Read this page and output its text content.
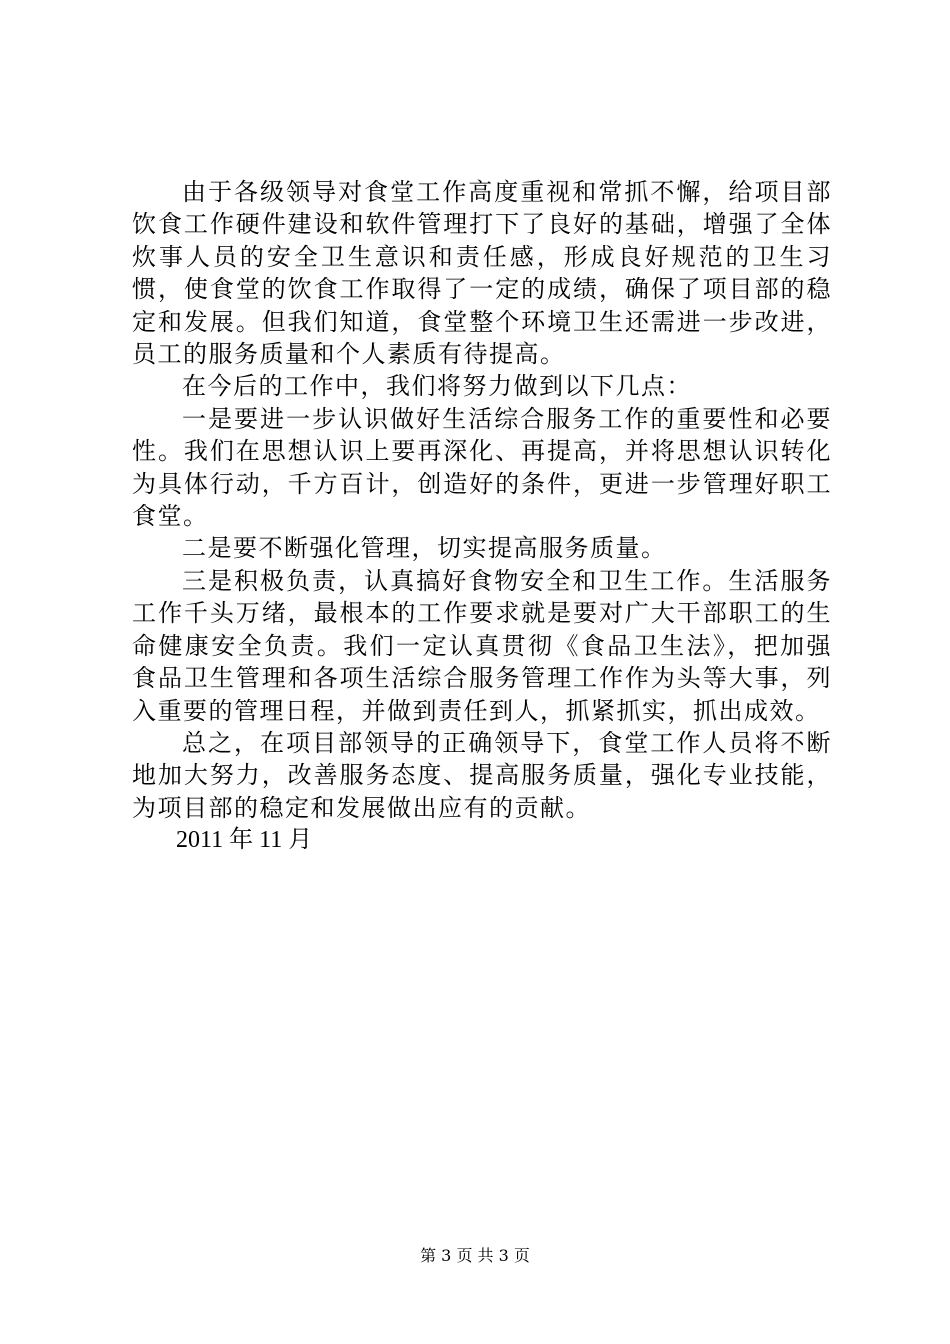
由于各级领导对食堂工作高度重视和常抓不懈，给项目部饮食工作硬件建设和软件管理打下了良好的基础，增强了全体炊事人员的安全卫生意识和责任感，形成良好规范的卫生习惯，使食堂的饮食工作取得了一定的成绩，确保了项目部的稳定和发展。但我们知道，食堂整个环境卫生还需进一步改进，员工的服务质量和个人素质有待提高。

在今后的工作中，我们将努力做到以下几点：

一是要进一步认识做好生活综合服务工作的重要性和必要性。我们在思想认识上要再深化、再提高，并将思想认识转化为具体行动，千方百计，创造好的条件，更进一步管理好职工食堂。

二是要不断强化管理，切实提高服务质量。

三是积极负责，认真搞好食物安全和卫生工作。生活服务工作千头万绪，最根本的工作要求就是要对广大干部职工的生命健康安全负责。我们一定认真贯彻《食品卫生法》，把加强食品卫生管理和各项生活综合服务管理工作作为头等大事，列入重要的管理日程，并做到责任到人，抓紧抓实，抓出成效。

总之，在项目部领导的正确领导下，食堂工作人员将不断地加大努力，改善服务态度、提高服务质量，强化专业技能，为项目部的稳定和发展做出应有的贡献。

2011 年 11 月

第 3 页 共 3 页
